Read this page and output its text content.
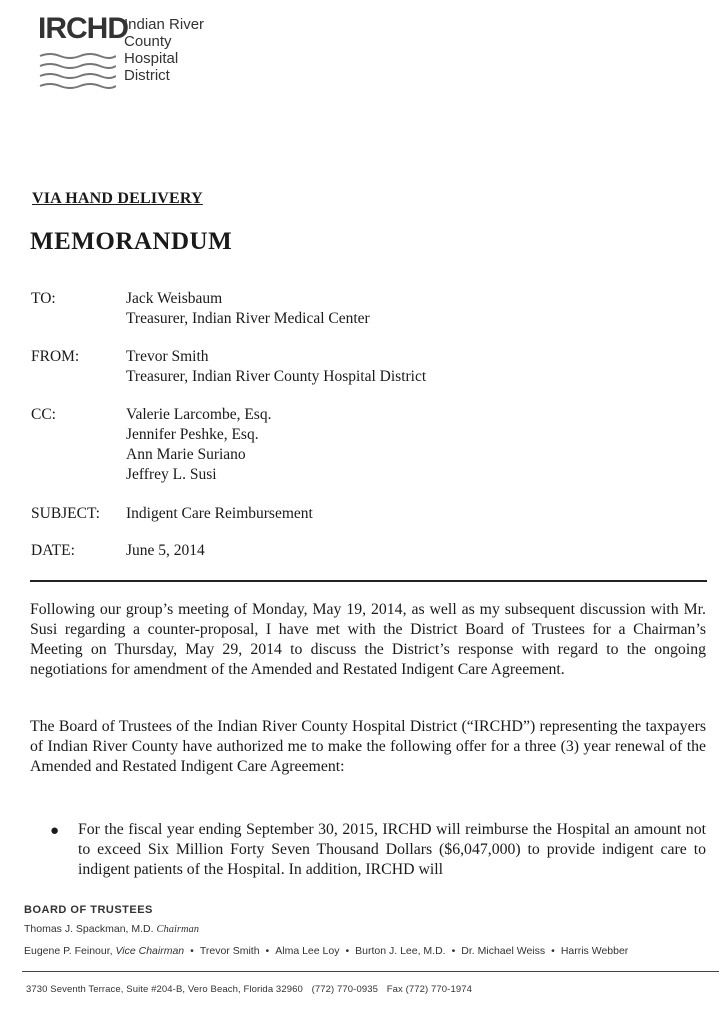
IRCHD
Indian River
County
Hospital
District
VIA HAND DELIVERY
MEMORANDUM
TO:	Jack Weisbaum
Treasurer, Indian River Medical Center
FROM:	Trevor Smith
Treasurer, Indian River County Hospital District
CC:	Valerie Larcombe, Esq.
Jennifer Peshke, Esq.
Ann Marie Suriano
Jeffrey L. Susi
SUBJECT: Indigent Care Reimbursement
DATE:	June 5, 2014
Following our group’s meeting of Monday, May 19, 2014, as well as my subsequent discussion with Mr. Susi regarding a counter-proposal, I have met with the District Board of Trustees for a Chairman’s Meeting on Thursday, May 29, 2014 to discuss the District’s response with regard to the ongoing negotiations for amendment of the Amended and Restated Indigent Care Agreement.
The Board of Trustees of the Indian River County Hospital District (“IRCHD”) representing the taxpayers of Indian River County have authorized me to make the following offer for a three (3) year renewal of the Amended and Restated Indigent Care Agreement:
● For the fiscal year ending September 30, 2015, IRCHD will reimburse the Hospital an amount not to exceed Six Million Forty Seven Thousand Dollars ($6,047,000) to provide indigent care to indigent patients of the Hospital. In addition, IRCHD will
BOARD OF TRUSTEES
Thomas J. Spackman, M.D. Chairman
Eugene P. Feinour, Vice Chairman • Trevor Smith • Alma Lee Loy • Burton J. Lee, M.D. • Dr. Michael Weiss • Harris Webber
3730 Seventh Terrace, Suite #204-B, Vero Beach, Florida 32960 (772) 770-0935 Fax (772) 770-1974
